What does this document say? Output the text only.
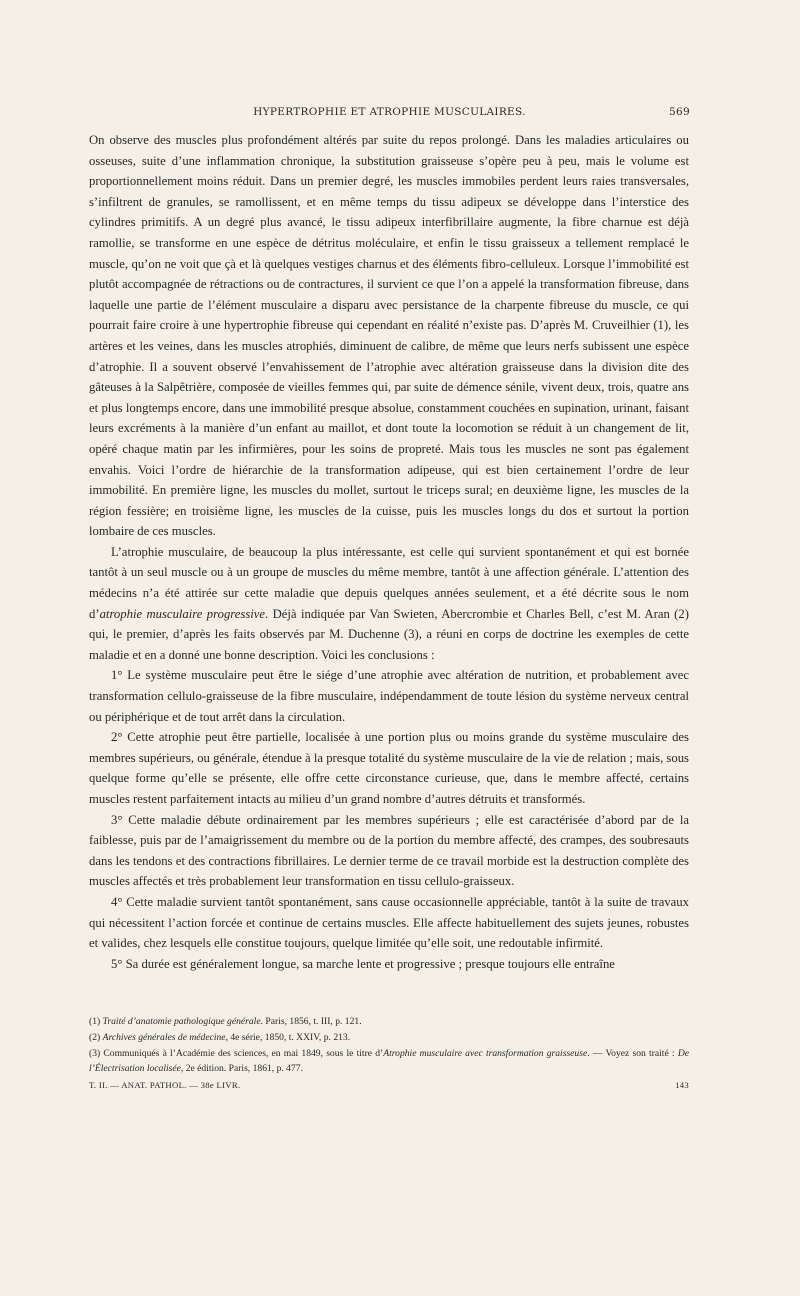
HYPERTROPHIE ET ATROPHIE MUSCULAIRES.	569

On observe des muscles plus profondément altérés par suite du repos prolongé. Dans les maladies articulaires ou osseuses, suite d’une inflammation chronique, la substitution graisseuse s’opère peu à peu, mais le volume est proportionnellement moins réduit. Dans un premier degré, les muscles immobiles perdent leurs raies transversales, s’infiltrent de granules, se ramollissent, et en même temps du tissu adipeux se développe dans l’interstice des cylindres primitifs. A un degré plus avancé, le tissu adipeux interfibrillaire augmente, la fibre charnue est déjà ramollie, se transforme en une espèce de détritus moléculaire, et enfin le tissu graisseux a tellement remplacé le muscle, qu’on ne voit que çà et là quelques vestiges charnus et des éléments fibro-celluleux. Lorsque l’immobilité est plutôt accompagnée de rétractions ou de contractures, il survient ce que l’on a appelé la transformation fibreuse, dans laquelle une partie de l’élément musculaire a disparu avec persistance de la charpente fibreuse du muscle, ce qui pourrait faire croire à une hypertrophie fibreuse qui cependant en réalité n’existe pas. D’après M. Cruveilhier (1), les artères et les veines, dans les muscles atrophiés, diminuent de calibre, de même que leurs nerfs subissent une espèce d’atrophie. Il a souvent observé l’envahissement de l’atrophie avec altération graisseuse dans la division dite des gâteuses à la Salpêtrière, composée de vieilles femmes qui, par suite de démence sénile, vivent deux, trois, quatre ans et plus longtemps encore, dans une immobilité presque absolue, constamment couchées en supination, urinant, faisant leurs excréments à la manière d’un enfant au maillot, et dont toute la locomotion se réduit à un changement de lit, opéré chaque matin par les infirmières, pour les soins de propreté. Mais tous les muscles ne sont pas également envahis. Voici l’ordre de hiérarchie de la transformation adipeuse, qui est bien certainement l’ordre de leur immobilité. En première ligne, les muscles du mollet, surtout le triceps sural; en deuxième ligne, les muscles de la région fessière; en troisième ligne, les muscles de la cuisse, puis les muscles longs du dos et surtout la portion lombaire de ces muscles.

L’atrophie musculaire, de beaucoup la plus intéressante, est celle qui survient spontanément et qui est bornée tantôt à un seul muscle ou à un groupe de muscles du même membre, tantôt à une affection générale. L’attention des médecins n’a été attirée sur cette maladie que depuis quelques années seulement, et a été décrite sous le nom d’atrophie musculaire progressive. Déjà indiquée par Van Swieten, Abercrombie et Charles Bell, c’est M. Aran (2) qui, le premier, d’après les faits observés par M. Duchenne (3), a réuni en corps de doctrine les exemples de cette maladie et en a donné une bonne description. Voici les conclusions :

1° Le système musculaire peut être le siége d’une atrophie avec altération de nutrition, et probablement avec transformation cellulo-graisseuse de la fibre musculaire, indépendamment de toute lésion du système nerveux central ou périphérique et de tout arrêt dans la circulation.

2° Cette atrophie peut être partielle, localisée à une portion plus ou moins grande du système musculaire des membres supérieurs, ou générale, étendue à la presque totalité du système musculaire de la vie de relation ; mais, sous quelque forme qu’elle se présente, elle offre cette circonstance curieuse, que, dans le membre affecté, certains muscles restent parfaitement intacts au milieu d’un grand nombre d’autres détruits et transformés.

3° Cette maladie débute ordinairement par les membres supérieurs ; elle est caractérisée d’abord par de la faiblesse, puis par de l’amaigrissement du membre ou de la portion du membre affecté, des crampes, des soubresauts dans les tendons et des contractions fibrillaires. Le dernier terme de ce travail morbide est la destruction complète des muscles affectés et très probablement leur transformation en tissu cellulo-graisseux.

4° Cette maladie survient tantôt spontanément, sans cause occasionnelle appréciable, tantôt à la suite de travaux qui nécessitent l’action forcée et continue de certains muscles. Elle affecte habituellement des sujets jeunes, robustes et valides, chez lesquels elle constitue toujours, quelque limitée qu’elle soit, une redoutable infirmité.

5° Sa durée est généralement longue, sa marche lente et progressive ; presque toujours elle entraîne

(1) Traité d’anatomie pathologique générale. Paris, 1856, t. III, p. 121.

(2) Archives générales de médecine, 4e série, 1850, t. XXIV, p. 213.

(3) Communiqués à l’Académie des sciences, en mai 1849, sous le titre d’Atrophie musculaire avec transformation graisseuse. — Voyez son traité : De l’Électrisation localisée, 2e édition. Paris, 1861, p. 477.

T. II. — ANAT. PATHOL. — 38e LIVR.	143
